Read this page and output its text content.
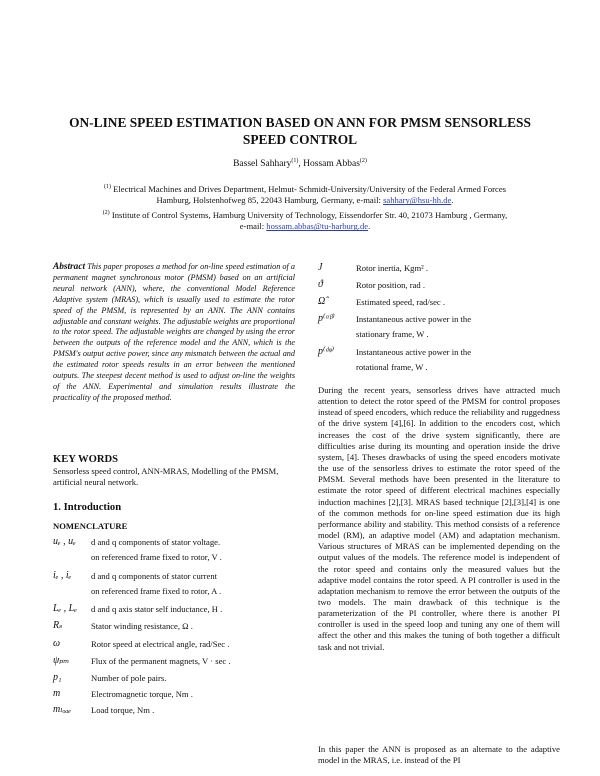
ON-LINE SPEED ESTIMATION BASED ON ANN FOR PMSM SENSORLESS
SPEED CONTROL
Bassel Sahhary$^{(1)}$, Hossam Abbas$^{(2)}$
$^{(1)}$ Electrical Machines and Drives Department, Helmut- Schmidt-University/University of the Federal Armed Forces
Hamburg, Holstenhofweg 85, 22043 Hamburg, Germany, e-mail: sahhary@hsu-hh.de.
$^{(2)}$ Institute of Control Systems, Hamburg University of Technology, Eissendorfer Str. 40, 21073 Hamburg , Germany,
e-mail: hossam.abbas@tu-harburg.de.
Abstract This paper proposes a method for on-line speed estimation of a permanent magnet synchronous motor (PMSM) based on an artificial neural network (ANN), where, the conventional Model Reference Adaptive system (MRAS), which is usually used to estimate the rotor speed of the PMSM, is represented by an ANN. The ANN contains adjustable and constant weights. The adjustable weights are proportional to the rotor speed. The adjustable weights are changed by using the error between the outputs of the reference model and the ANN, which is the PMSM's output active power, since any mismatch between the actual and the estimated rotor speeds results in an error between the mentioned outputs. The steepest decent method is used to adjust on-line the weights of the ANN. Experimental and simulation results illustrate the practicality of the proposed method.
KEY WORDS
Sensorless speed control, ANN-MRAS, Modelling of the PMSM, artificial neural network.
1. Introduction
NOMENCLATURE
uₑ , uₑ	d and q components of stator voltage.
on referenced frame fixed to rotor, V .
iₑ , iₑ	d and q components of stator current
on referenced frame fixed to rotor, A .
Lₑ , Lₑ	d and q axis stator self inductance, H .
Rₛ	Stator winding resistance, Ω .
ω	Rotor speed at electrical angle, rad/Sec .
ψₚₘ	Flux of the permanent magnets, V · sec .
p₁	Number of pole pairs.
m	Electromagnetic torque, Nm .
mₗₒₐₑ	Load torque, Nm .
J	Rotor inertia, Kgm² .
ϑ	Rotor position, rad .
Ω̂	Estimated speed, rad/sec .
p⁽ᵅᵝ⁾	Instantaneous active power in the
stationary frame, W .
p⁽ᵈᵠ⁾	Instantaneous active power in the
rotational frame, W .
During the recent years, sensorless drives have attracted much attention to detect the rotor speed of the PMSM for control proposes instead of speed encoders, which reduce the reliability and ruggedness of the drive system [4],[6]. In addition to the encoders cost, which increases the cost of the drive system significantly, there are difficulties arise during its mounting and operation inside the drive system, [4]. Theses drawbacks of using the speed encoders motivate the use of the sensorless drives to estimate the rotor speed of the PMSM. Several methods have been presented in the literature to estimate the rotor speed of different electrical machines especially induction machines [2],[3]. MRAS based technique [2],[3],[4] is one of the common methods for on-line speed estimation due its high performance ability and stability. This method consists of a reference model (RM), an adaptive model (AM) and adaptation mechanism. Various structures of MRAS can be implemented depending on the output values of the models. The reference model is independent of the rotor speed and contains only the measured values but the adaptive model contains the rotor speed. A PI controller is used in the adaptation mechanism to remove the error between the outputs of the two models. The main drawback of this technique is the parameterization of the PI controller, where there is another PI controller is used in the speed loop and tuning any one of them will affect the other and this makes the tuning of both together a difficult task and not trivial.
In this paper the ANN is proposed as an alternate to the adaptive model in the MRAS, i.e. instead of the PI
